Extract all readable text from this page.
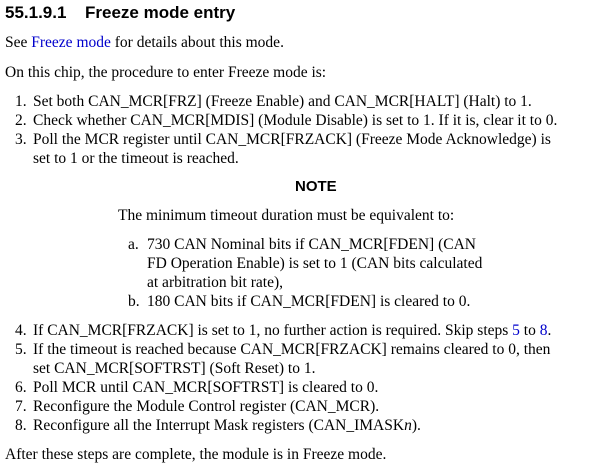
55.1.9.1 Freeze mode entry
See Freeze mode for details about this mode.
On this chip, the procedure to enter Freeze mode is:
1. Set both CAN_MCR[FRZ] (Freeze Enable) and CAN_MCR[HALT] (Halt) to 1.
2. Check whether CAN_MCR[MDIS] (Module Disable) is set to 1. If it is, clear it to 0.
3. Poll the MCR register until CAN_MCR[FRZACK] (Freeze Mode Acknowledge) is
set to 1 or the timeout is reached.
NOTE
The minimum timeout duration must be equivalent to:
a. 730 CAN Nominal bits if CAN_MCR[FDEN] (CAN
FD Operation Enable) is set to 1 (CAN bits calculated
at arbitration bit rate),
b. 180 CAN bits if CAN_MCR[FDEN] is cleared to 0.
4. If CAN_MCR[FRZACK] is set to 1, no further action is required. Skip steps 5 to 8.
5. If the timeout is reached because CAN_MCR[FRZACK] remains cleared to 0, then
set CAN_MCR[SOFTRST] (Soft Reset) to 1.
6. Poll MCR until CAN_MCR[SOFTRST] is cleared to 0.
7. Reconfigure the Module Control register (CAN_MCR).
8. Reconfigure all the Interrupt Mask registers (CAN_IMASKn).
After these steps are complete, the module is in Freeze mode.
